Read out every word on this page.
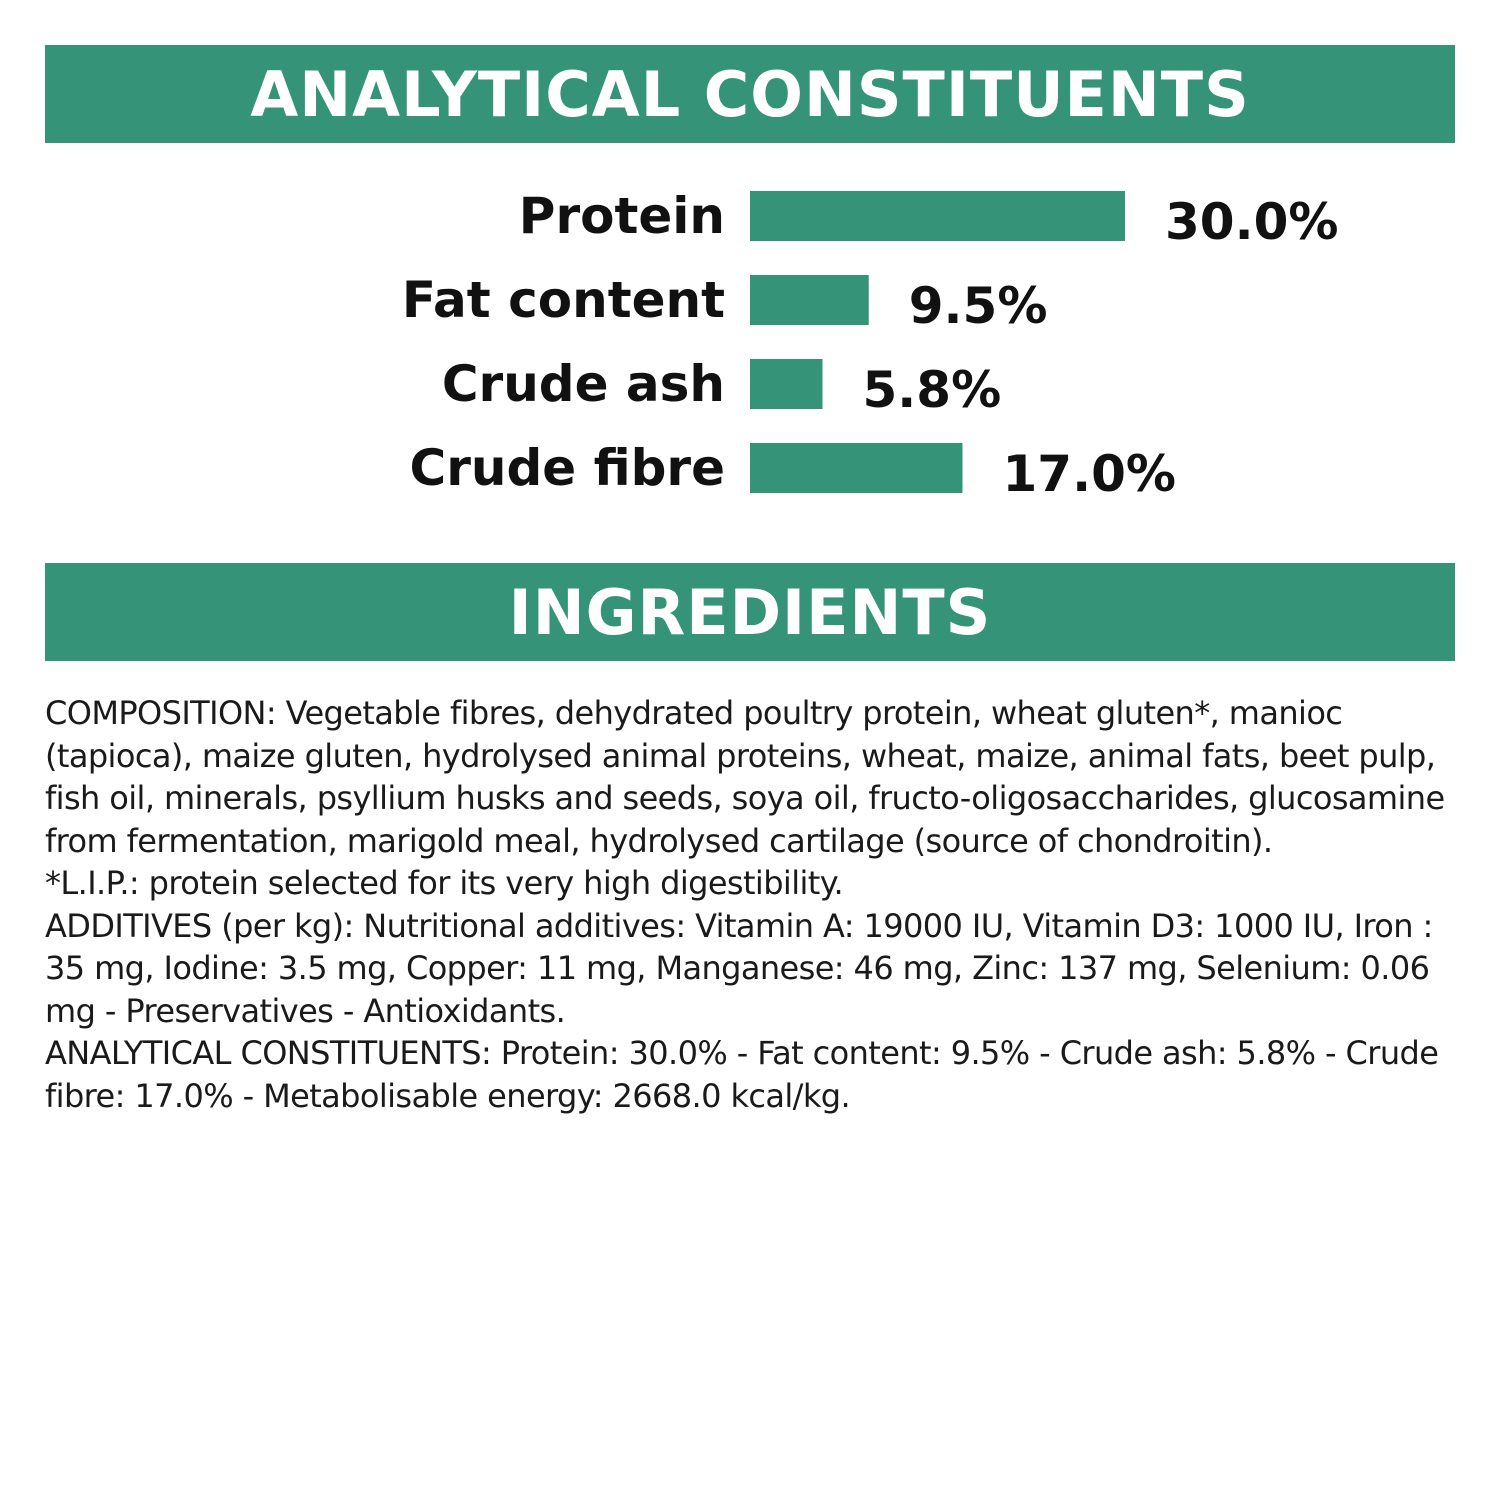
ANALYTICAL CONSTITUENTS
Protein	30.0%
Fat content	9.5%
Crude ash	5.8%
Crude fibre	17.0%
INGREDIENTS

COMPOSITION: Vegetable fibres, dehydrated poultry protein, wheat gluten*, manioc (tapioca), maize gluten, hydrolysed animal proteins, wheat, maize, animal fats, beet pulp, fish oil, minerals, psyllium husks and seeds, soya oil, fructo-oligosaccharides, glucosamine from fermentation, marigold meal, hydrolysed cartilage (source of chondroitin).

*L.I.P.: protein selected for its very high digestibility.

ADDITIVES (per kg): Nutritional additives: Vitamin A: 19000 IU, Vitamin D3: 1000 IU, Iron : 35 mg, Iodine: 3.5 mg, Copper: 11 mg, Manganese: 46 mg, Zinc: 137 mg, Selenium: 0.06 mg - Preservatives - Antioxidants.

ANALYTICAL CONSTITUENTS: Protein: 30.0% - Fat content: 9.5% - Crude ash: 5.8% - Crude fibre: 17.0% - Metabolisable energy: 2668.0 kcal/kg.
